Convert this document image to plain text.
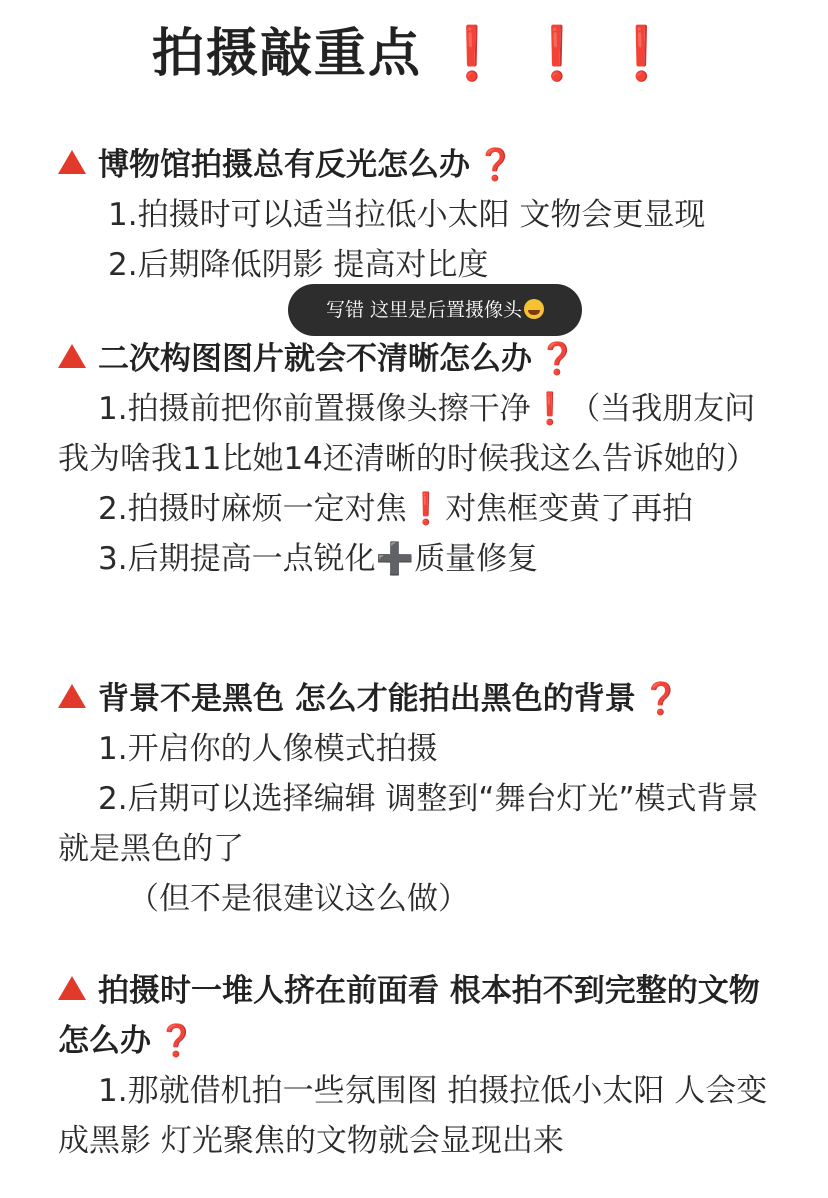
拍摄敲重点 ❗ ❗ ❗
博物馆拍摄总有反光怎么办 ❓
1.拍摄时可以适当拉低小太阳 文物会更显现
2.后期降低阴影 提高对比度
写错 这里是后置摄像头
二次构图图片就会不清晰怎么办 ❓
1.拍摄前把你前置摄像头擦干净❗（当我朋友问我为啥我11比她14还清晰的时候我这么告诉她的）
2.拍摄时麻烦一定对焦❗对焦框变黄了再拍
3.后期提高一点锐化➕质量修复
背景不是黑色 怎么才能拍出黑色的背景 ❓
1.开启你的人像模式拍摄
2.后期可以选择编辑 调整到“舞台灯光”模式背景就是黑色的了
（但不是很建议这么做）
拍摄时一堆人挤在前面看 根本拍不到完整的文物怎么办 ❓
1.那就借机拍一些氛围图 拍摄拉低小太阳 人会变成黑影 灯光聚焦的文物就会显现出来
